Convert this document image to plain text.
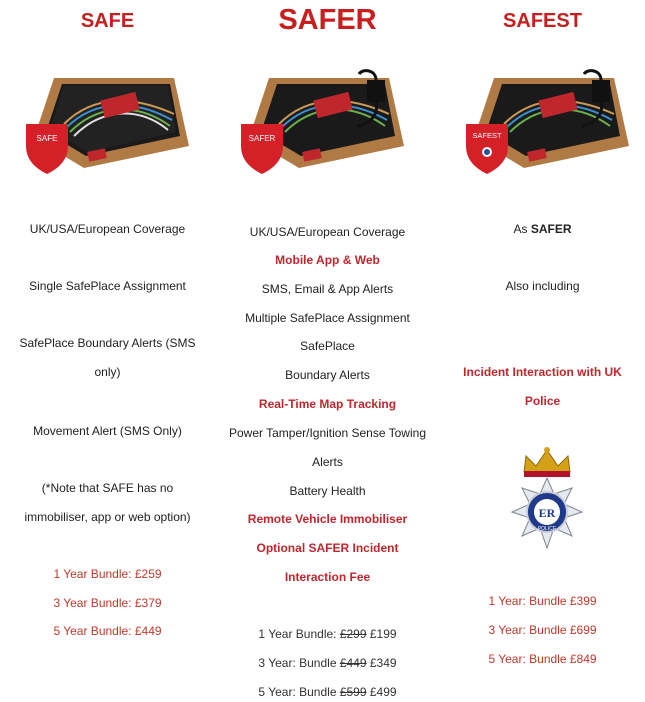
SAFE
SAFE
UK/USA/European Coverage
Single SafePlace Assignment
SafePlace Boundary Alerts (SMS
only)
Movement Alert (SMS Only)
(*Note that SAFE has no
immobiliser, app or web option)
1 Year Bundle: £259
3 Year Bundle: £379
5 Year Bundle: £449
SAFER
SAFER
UK/USA/European Coverage
Mobile App & Web
SMS, Email & App Alerts
Multiple SafePlace Assignment
SafePlace
Boundary Alerts
Real-Time Map Tracking
Power Tamper/Ignition Sense Towing
Alerts
Battery Health
Remote Vehicle Immobiliser
Optional SAFER Incident
Interaction Fee
1 Year Bundle: £299 £199
3 Year: Bundle £449 £349
5 Year: Bundle £599 £499
SAFEST
SAFEST
As SAFER
Also including
Incident Interaction with UK
Police
ER
POLICE
1 Year: Bundle £399
3 Year: Bundle £699
5 Year: Bundle £849
